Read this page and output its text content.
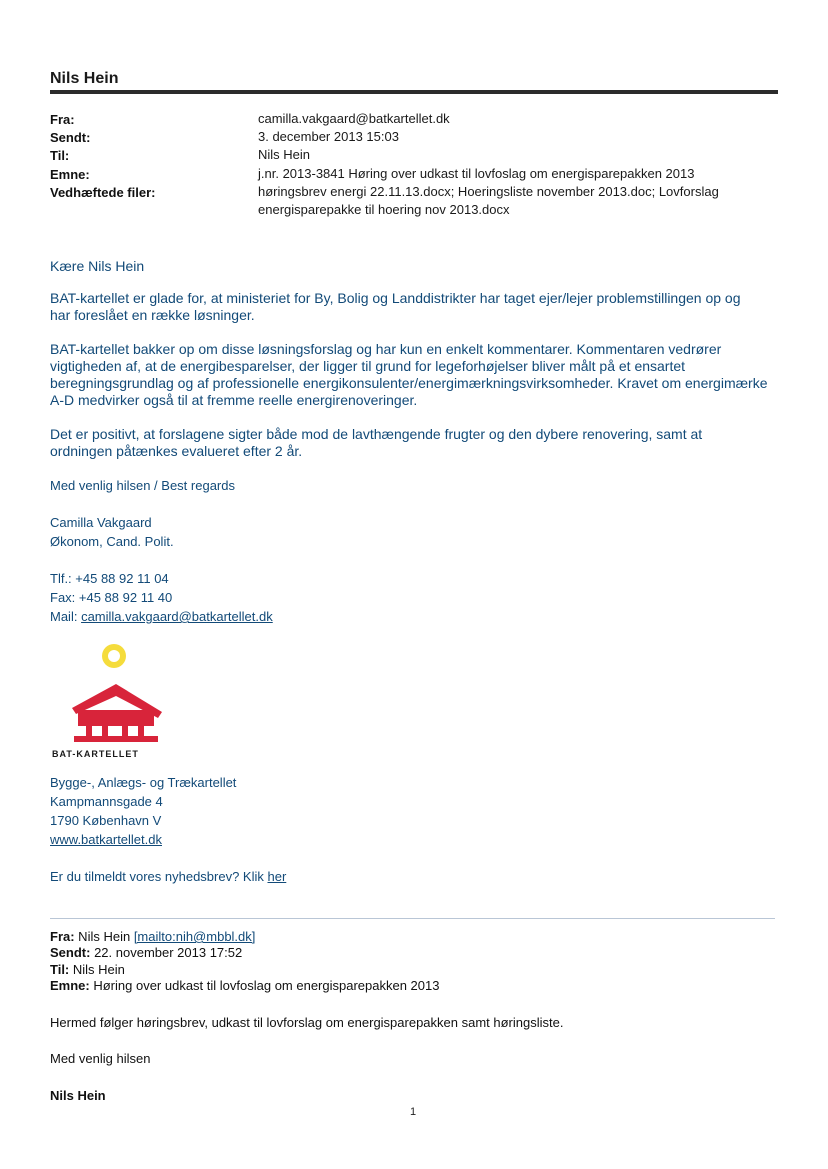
Nils Hein
Fra:	camilla.vakgaard@batkartellet.dk
Sendt:	3. december 2013 15:03
Til:	Nils Hein
Emne:	j.nr. 2013-3841 Høring over udkast til lovfoslag om energisparepakken 2013
Vedhæftede filer:	høringsbrev energi 22.11.13.docx; Hoeringsliste november 2013.doc; Lovforslag energisparepakke til hoering nov 2013.docx
Kære Nils Hein
BAT-kartellet er glade for, at ministeriet for By, Bolig og Landdistrikter har taget ejer/lejer problemstillingen op og har foreslået en række løsninger.
BAT-kartellet bakker op om disse løsningsforslag og har kun en enkelt kommentarer. Kommentaren vedrører vigtigheden af, at de energibesparelser, der ligger til grund for legeforhøjelser bliver målt på et ensartet beregningsgrundlag og af professionelle energikonsulenter/energimærkningsvirksomheder. Kravet om energimærke A-D medvirker også til at fremme reelle energirenoveringer.
Det er positivt, at forslagene sigter både mod de lavthængende frugter og den dybere renovering, samt at ordningen påtænkes evalueret efter 2 år.
Med venlig hilsen / Best regards
Camilla Vakgaard
Økonom, Cand. Polit.
Tlf.: +45 88 92 11 04
Fax: +45 88 92 11 40
Mail: camilla.vakgaard@batkartellet.dk
BAT-KARTELLET
Bygge-, Anlægs- og Trækartellet
Kampmannsgade 4
1790 København V
www.batkartellet.dk
Er du tilmeldt vores nyhedsbrev? Klik her
Fra: Nils Hein [mailto:nih@mbbl.dk]
Sendt: 22. november 2013 17:52
Til: Nils Hein
Emne: Høring over udkast til lovfoslag om energisparepakken 2013
Hermed følger høringsbrev, udkast til lovforslag om energisparepakken samt høringsliste.
Med venlig hilsen
Nils Hein
1
